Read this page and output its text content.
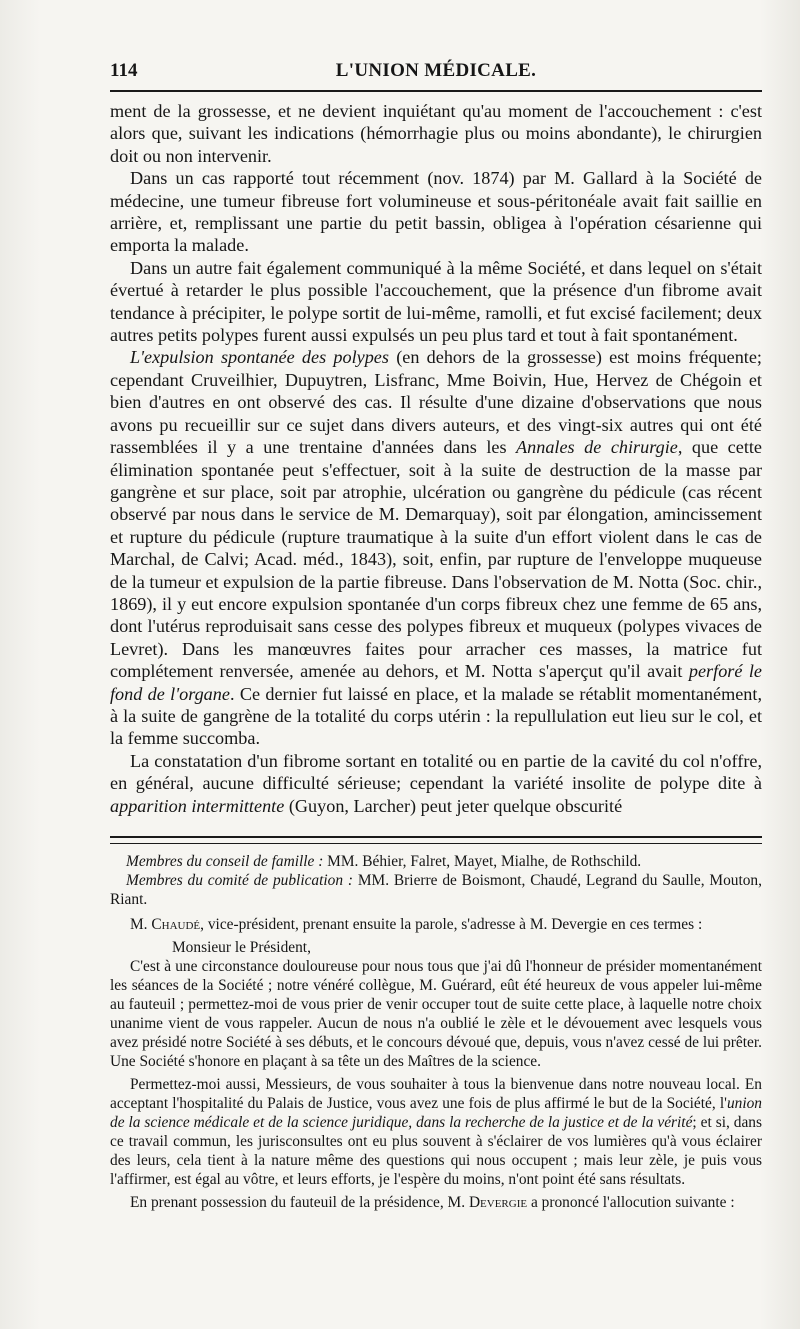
114	L'UNION MÉDICALE.

ment de la grossesse, et ne devient inquiétant qu'au moment de l'accouchement : c'est alors que, suivant les indications (hémorrhagie plus ou moins abondante), le chirurgien doit ou non intervenir.

Dans un cas rapporté tout récemment (nov. 1874) par M. Gallard à la Société de médecine, une tumeur fibreuse fort volumineuse et sous-péritonéale avait fait saillie en arrière, et, remplissant une partie du petit bassin, obligea à l'opération césarienne qui emporta la malade.

Dans un autre fait également communiqué à la même Société, et dans lequel on s'était évertué à retarder le plus possible l'accouchement, que la présence d'un fibrome avait tendance à précipiter, le polype sortit de lui-même, ramolli, et fut excisé facilement; deux autres petits polypes furent aussi expulsés un peu plus tard et tout à fait spontanément.

L'expulsion spontanée des polypes (en dehors de la grossesse) est moins fréquente; cependant Cruveilhier, Dupuytren, Lisfranc, Mme Boivin, Hue, Hervez de Chégoin et bien d'autres en ont observé des cas. Il résulte d'une dizaine d'observations que nous avons pu recueillir sur ce sujet dans divers auteurs, et des vingt-six autres qui ont été rassemblées il y a une trentaine d'années dans les Annales de chirurgie, que cette élimination spontanée peut s'effectuer, soit à la suite de destruction de la masse par gangrène et sur place, soit par atrophie, ulcération ou gangrène du pédicule (cas récent observé par nous dans le service de M. Demarquay), soit par élongation, amincissement et rupture du pédicule (rupture traumatique à la suite d'un effort violent dans le cas de Marchal, de Calvi; Acad. méd., 1843), soit, enfin, par rupture de l'enveloppe muqueuse de la tumeur et expulsion de la partie fibreuse. Dans l'observation de M. Notta (Soc. chir., 1869), il y eut encore expulsion spontanée d'un corps fibreux chez une femme de 65 ans, dont l'utérus reproduisait sans cesse des polypes fibreux et muqueux (polypes vivaces de Levret). Dans les manœuvres faites pour arracher ces masses, la matrice fut complétement renversée, amenée au dehors, et M. Notta s'aperçut qu'il avait perforé le fond de l'organe. Ce dernier fut laissé en place, et la malade se rétablit momentanément, à la suite de gangrène de la totalité du corps utérin : la repullulation eut lieu sur le col, et la femme succomba.

La constatation d'un fibrome sortant en totalité ou en partie de la cavité du col n'offre, en général, aucune difficulté sérieuse; cependant la variété insolite de polype dite à apparition intermittente (Guyon, Larcher) peut jeter quelque obscurité

Membres du conseil de famille : MM. Béhier, Falret, Mayet, Mialhe, de Rothschild.

Membres du comité de publication : MM. Brierre de Boismont, Chaudé, Legrand du Saulle, Mouton, Riant.

M. Chaudé, vice-président, prenant ensuite la parole, s'adresse à M. Devergie en ces termes :

Monsieur le Président,

C'est à une circonstance douloureuse pour nous tous que j'ai dû l'honneur de présider momentanément les séances de la Société ; notre vénéré collègue, M. Guérard, eût été heureux de vous appeler lui-même au fauteuil ; permettez-moi de vous prier de venir occuper tout de suite cette place, à laquelle notre choix unanime vient de vous rappeler. Aucun de nous n'a oublié le zèle et le dévouement avec lesquels vous avez présidé notre Société à ses débuts, et le concours dévoué que, depuis, vous n'avez cessé de lui prêter. Une Société s'honore en plaçant à sa tête un des Maîtres de la science.

Permettez-moi aussi, Messieurs, de vous souhaiter à tous la bienvenue dans notre nouveau local. En acceptant l'hospitalité du Palais de Justice, vous avez une fois de plus affirmé le but de la Société, l'union de la science médicale et de la science juridique, dans la recherche de la justice et de la vérité; et si, dans ce travail commun, les jurisconsultes ont eu plus souvent à s'éclairer de vos lumières qu'à vous éclairer des leurs, cela tient à la nature même des questions qui nous occupent ; mais leur zèle, je puis vous l'affirmer, est égal au vôtre, et leurs efforts, je l'espère du moins, n'ont point été sans résultats.

En prenant possession du fauteuil de la présidence, M. Devergie a prononcé l'allocution suivante :
